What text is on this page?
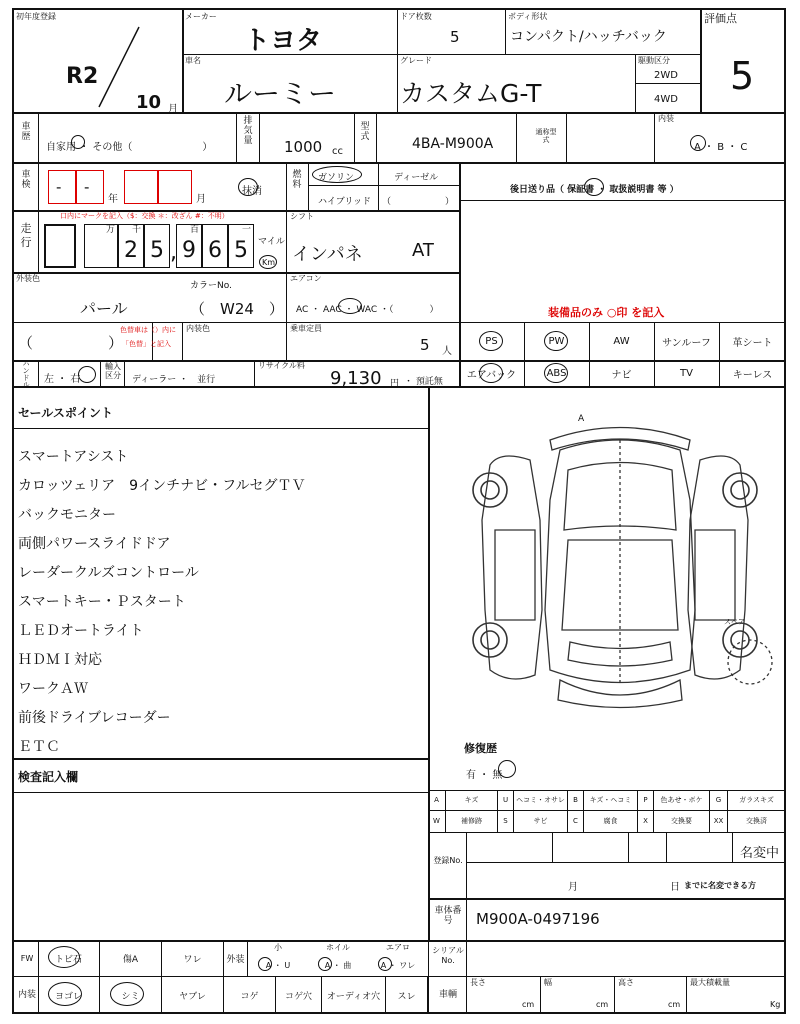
初年度登録
R2
10 月
メーカー
トヨタ
ドア枚数
5
ボディ形状
コンパクト/ハッチバック
評価点
5
車名
ルーミー
グレード
カスタムG-T
駆動区分
2WD
4WD
車歴
自家用 ・ その他（　　　　　　　）
排気量 1000 cc
型式	4BA-M900A
通称型式
内装
A ・ B ・ C
車検 - -
年	月
抹消
燃料
ガソリン	ディーゼル
ハイブリッド （　　　　　　）
後日送り品（ 保証書 ・ 取扱説明書 等 ）
走行
口内にマークを記入（$：交換 ＊：改ざん #：不明）
万 千	百	一
2 5 , 9 6 5 マイル
Km
シフト
インパネ	AT
外装色
パール
カラーNo.
（　W24　）
エアコン
AC ・ AAC ・ WAC ・（　　　　）	装備品のみ ○印 を記入
（　　　　　）
色替車は（）内に
「色替」と記入
内装色	乗車定員
5 人
ハンドル 左 ・ 右
輸入区分	ディーラー ・　並行
リサイクル料
9,130 円 ・ 預託無
セールスポイント
検査記入欄
A
スペア
修復歴
有 ・ 無
登録No.	名変中
月	日 までに名変できる方
車体番号	M900A-0497196
FW
内装
シリアルNo.
車輌
長さ	幅	高さ	最大積載量
cm	cm	cm	Kg
PS	PW	AW	サンルーフ	革シート
エアバック	ABS	ナビ	TV	キーレス
スマートアシスト
カロッツェリア　9インチナビ・フルセグＴＶ
バックモニター
両側パワースライドドア
レーダークルズコントロール
スマートキー・Ｐスタート
ＬＥＤオートライト
ＨＤＭＩ対応
ワークＡＷ
前後ドライブレコーダー
ＥＴＣ
A	キズ	U	ヘコミ・オサレ	B	キズ・ヘコミ	P	色あせ・ボケ	G	ガラスキズ
W	補修跡	S	サビ	C	腐食	X	交換要	XX	交換済
トビ石	傷A	ワレ	外装
小	ホイル	エアロ
A ・ U	A ・ 曲	A ・ ワレ
ヨゴレ	シミ	ヤブレ	コゲ	コゲ穴	オーディオ穴	スレ
